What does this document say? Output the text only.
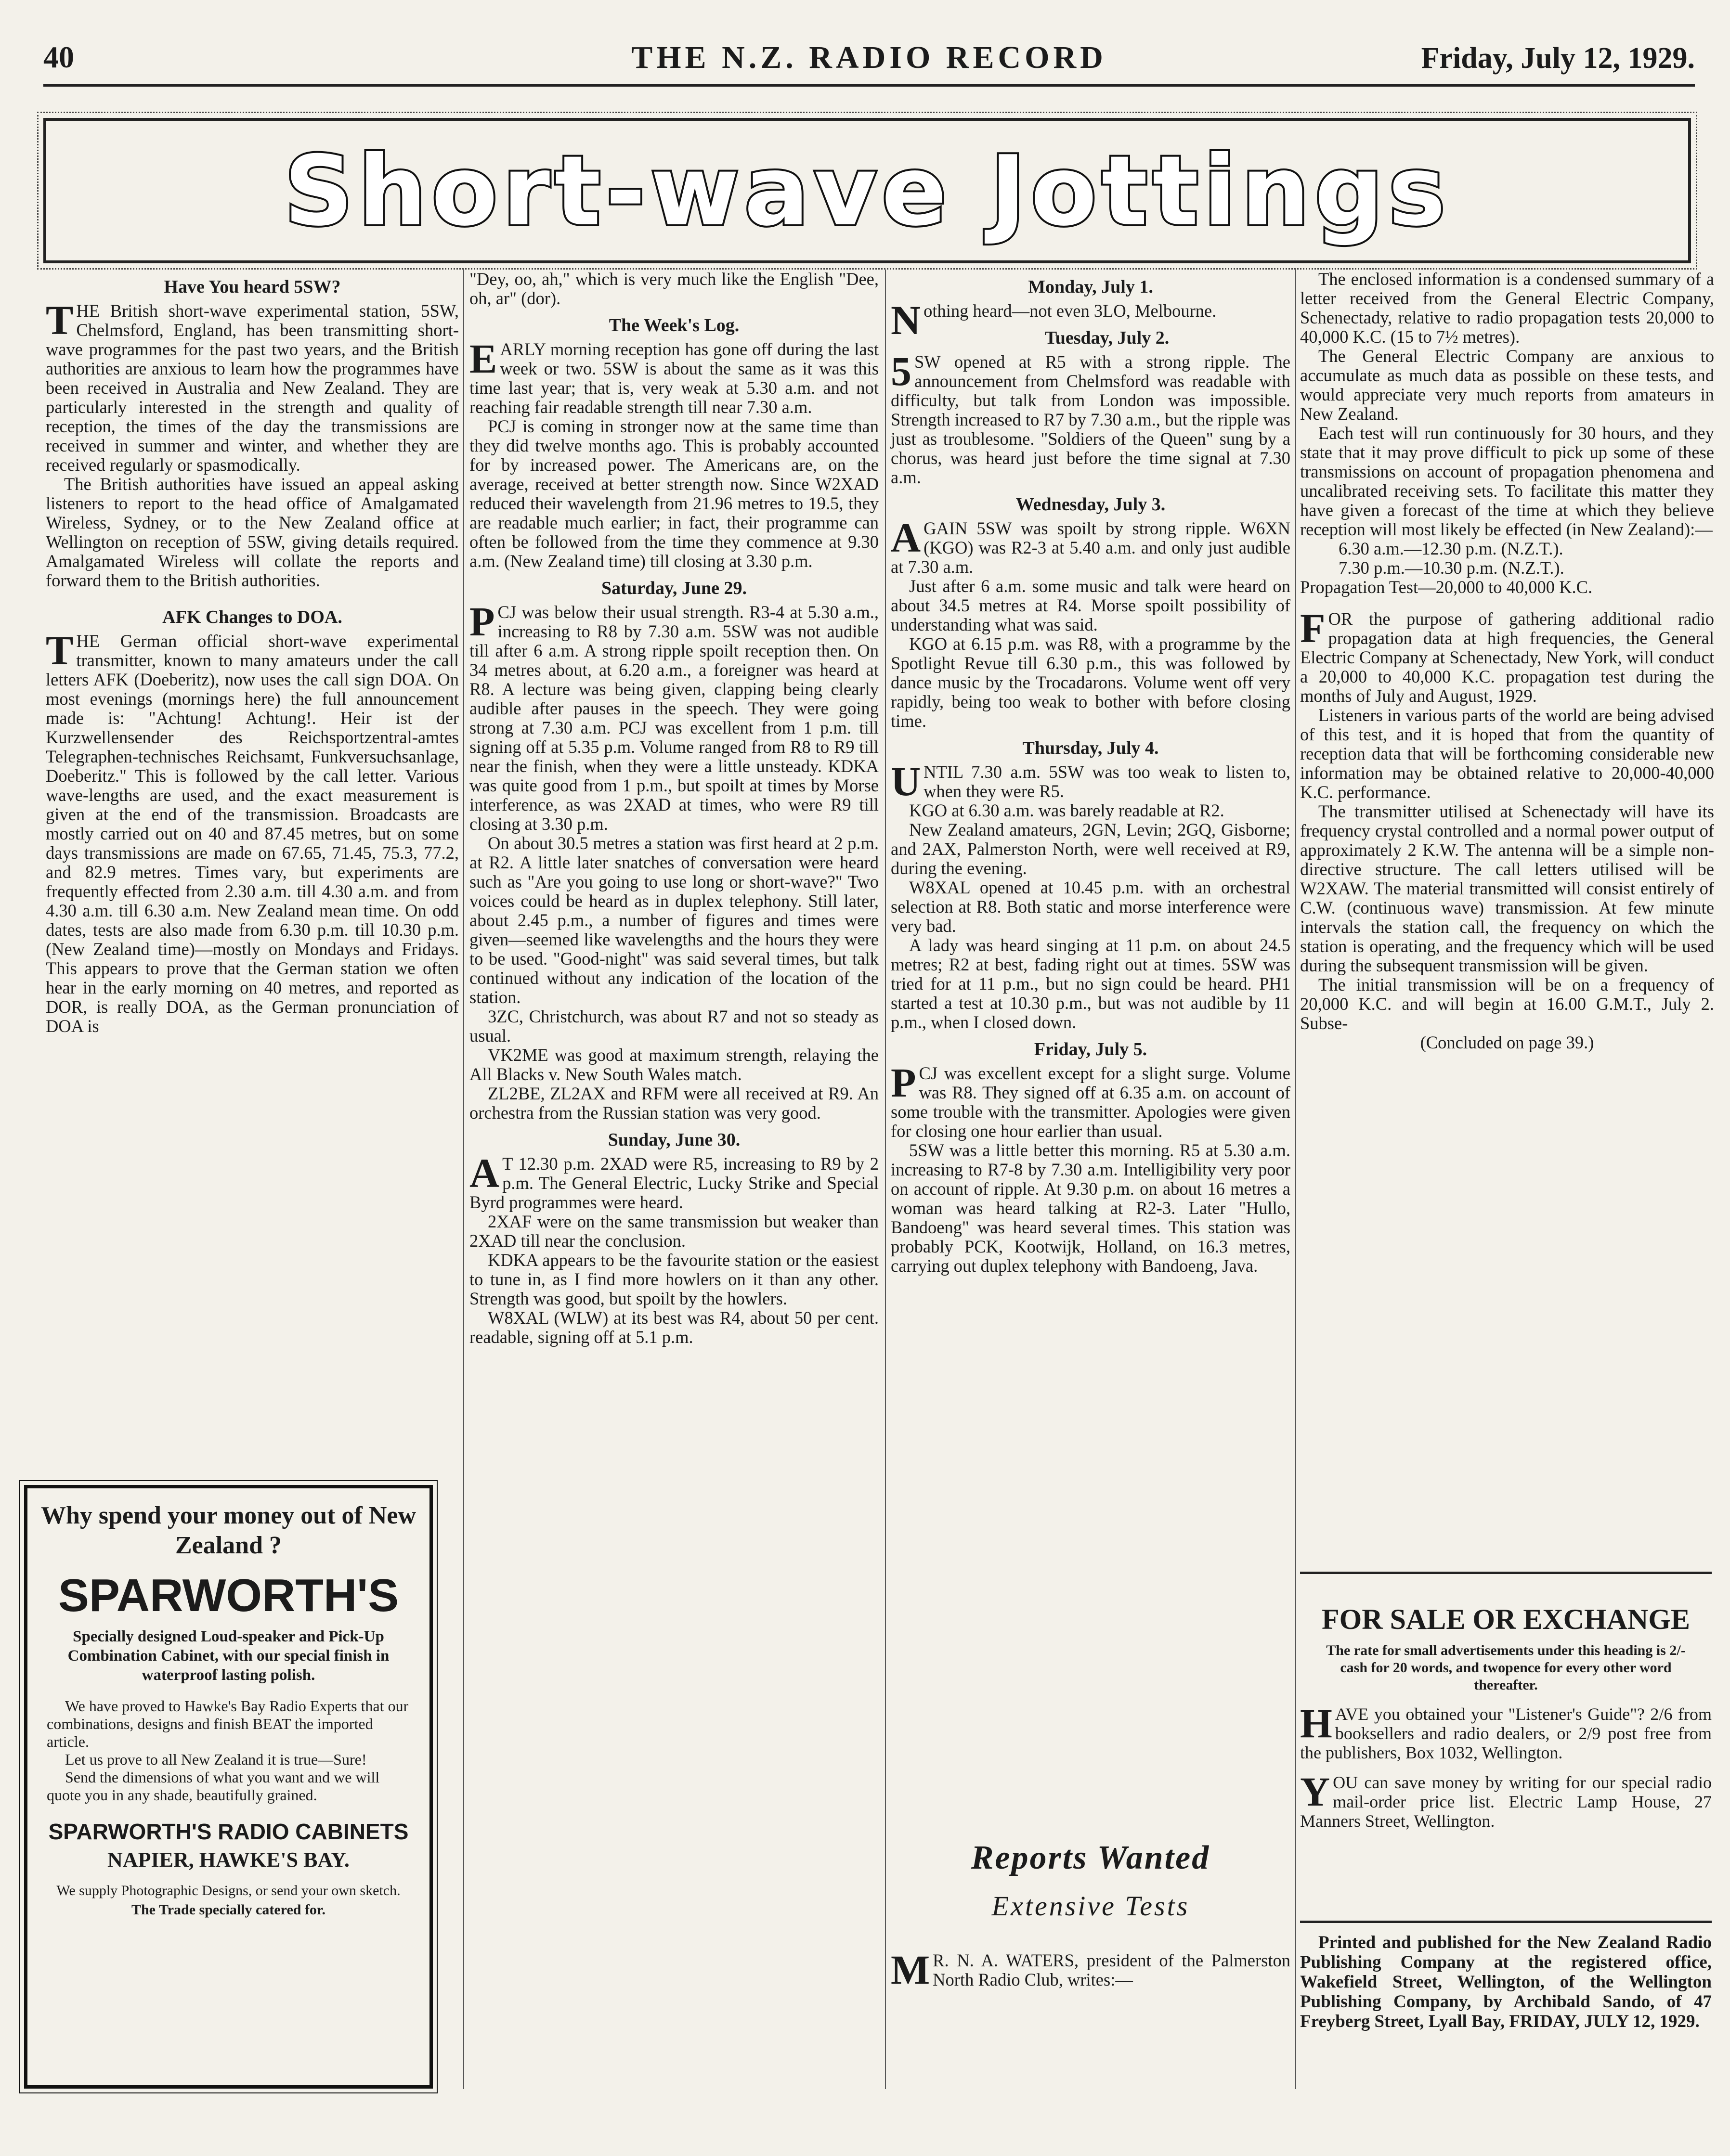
40	THE N.Z. RADIO RECORD	Friday, July 12, 1929.
Short-wave Jottings
Have You heard 5SW?

THE British short-wave experimental station, 5SW, Chelmsford, England, has been transmitting short-wave programmes for the past two years, and the British authorities are anxious to learn how the programmes have been received in Australia and New Zealand. They are particularly interested in the strength and quality of reception, the times of the day the transmissions are received in summer and winter, and whether they are received regularly or spasmodically.

The British authorities have issued an appeal asking listeners to report to the head office of Amalgamated Wireless, Sydney, or to the New Zealand office at Wellington on reception of 5SW, giving details required. Amalgamated Wireless will collate the reports and forward them to the British authorities.

AFK Changes to DOA.

THE German official short-wave experimental transmitter, known to many amateurs under the call letters AFK (Doeberitz), now uses the call sign DOA. On most evenings (mornings here) the full announcement made is: "Achtung! Achtung!. Heir ist der Kurzwellensender des Reichsportzentral-amtes Telegraphen-technisches Reichsamt, Funkversuchsanlage, Doeberitz." This is followed by the call letter. Various wave-lengths are used, and the exact measurement is given at the end of the transmission. Broadcasts are mostly carried out on 40 and 87.45 metres, but on some days transmissions are made on 67.65, 71.45, 75.3, 77.2, and 82.9 metres. Times vary, but experiments are frequently effected from 2.30 a.m. till 4.30 a.m. and from 4.30 a.m. till 6.30 a.m. New Zealand mean time. On odd dates, tests are also made from 6.30 p.m. till 10.30 p.m. (New Zealand time)—mostly on Mondays and Fridays. This appears to prove that the German station we often hear in the early morning on 40 metres, and reported as DOR, is really DOA, as the German pronunciation of DOA is

Why spend your money out of New Zealand ?
SPARWORTH'S
Specially designed Loud-speaker and Pick-Up Combination Cabinet, with our special finish in waterproof lasting polish.

We have proved to Hawke's Bay Radio Experts that our combinations, designs and finish BEAT the imported article.

Let us prove to all New Zealand it is true—Sure!

Send the dimensions of what you want and we will quote you in any shade, beautifully grained.

SPARWORTH'S RADIO CABINETS
NAPIER, HAWKE'S BAY.
We supply Photographic Designs, or send your own sketch.
The Trade specially catered for.

"Dey, oo, ah," which is very much like the English "Dee, oh, ar" (dor).

The Week's Log.

EARLY morning reception has gone off during the last week or two. 5SW is about the same as it was this time last year; that is, very weak at 5.30 a.m. and not reaching fair readable strength till near 7.30 a.m.

PCJ is coming in stronger now at the same time than they did twelve months ago. This is probably accounted for by increased power. The Americans are, on the average, received at better strength now. Since W2XAD reduced their wavelength from 21.96 metres to 19.5, they are readable much earlier; in fact, their programme can often be followed from the time they commence at 9.30 a.m. (New Zealand time) till closing at 3.30 p.m.

Saturday, June 29.

PCJ was below their usual strength. R3-4 at 5.30 a.m., increasing to R8 by 7.30 a.m. 5SW was not audible till after 6 a.m. A strong ripple spoilt reception then. On 34 metres about, at 6.20 a.m., a foreigner was heard at R8. A lecture was being given, clapping being clearly audible after pauses in the speech. They were going strong at 7.30 a.m. PCJ was excellent from 1 p.m. till signing off at 5.35 p.m. Volume ranged from R8 to R9 till near the finish, when they were a little unsteady. KDKA was quite good from 1 p.m., but spoilt at times by Morse interference, as was 2XAD at times, who were R9 till closing at 3.30 p.m.

On about 30.5 metres a station was first heard at 2 p.m. at R2. A little later snatches of conversation were heard such as "Are you going to use long or short-wave?" Two voices could be heard as in duplex telephony. Still later, about 2.45 p.m., a number of figures and times were given—seemed like wavelengths and the hours they were to be used. "Good-night" was said several times, but talk continued without any indication of the location of the station.

3ZC, Christchurch, was about R7 and not so steady as usual.

VK2ME was good at maximum strength, relaying the All Blacks v. New South Wales match.

ZL2BE, ZL2AX and RFM were all received at R9. An orchestra from the Russian station was very good.

Sunday, June 30.

A T 12.30 p.m. 2XAD were R5, increasing to R9 by 2 p.m. The General Electric, Lucky Strike and Special Byrd programmes were heard.

2XAF were on the same transmission but weaker than 2XAD till near the conclusion.

KDKA appears to be the favourite station or the easiest to tune in, as I find more howlers on it than any other. Strength was good, but spoilt by the howlers.

W8XAL (WLW) at its best was R4, about 50 per cent. readable, signing off at 5.1 p.m.

Monday, July 1.

Nothing heard—not even 3LO, Melbourne.

Tuesday, July 2.

5 SW opened at R5 with a strong ripple. The announcement from Chelmsford was readable with difficulty, but talk from London was impossible. Strength increased to R7 by 7.30 a.m., but the ripple was just as troublesome. "Soldiers of the Queen" sung by a chorus, was heard just before the time signal at 7.30 a.m.

Wednesday, July 3.

AGAIN 5SW was spoilt by strong ripple. W6XN (KGO) was R2-3 at 5.40 a.m. and only just audible at 7.30 a.m.

Just after 6 a.m. some music and talk were heard on about 34.5 metres at R4. Morse spoilt possibility of understanding what was said.

KGO at 6.15 p.m. was R8, with a programme by the Spotlight Revue till 6.30 p.m., this was followed by dance music by the Trocadarons. Volume went off very rapidly, being too weak to bother with before closing time.

Thursday, July 4.

UNTIL 7.30 a.m. 5SW was too weak to listen to, when they were R5.

KGO at 6.30 a.m. was barely readable at R2.

New Zealand amateurs, 2GN, Levin; 2GQ, Gisborne; and 2AX, Palmerston North, were well received at R9, during the evening.

W8XAL opened at 10.45 p.m. with an orchestral selection at R8. Both static and morse interference were very bad.

A lady was heard singing at 11 p.m. on about 24.5 metres; R2 at best, fading right out at times. 5SW was tried for at 11 p.m., but no sign could be heard. PH1 started a test at 10.30 p.m., but was not audible by 11 p.m., when I closed down.

Friday, July 5.

PCJ was excellent except for a slight surge. Volume was R8. They signed off at 6.35 a.m. on account of some trouble with the transmitter. Apologies were given for closing one hour earlier than usual.

5SW was a little better this morning. R5 at 5.30 a.m. increasing to R7-8 by 7.30 a.m. Intelligibility very poor on account of ripple. At 9.30 p.m. on about 16 metres a woman was heard talking at R2-3. Later "Hullo, Bandoeng" was heard several times. This station was probably PCK, Kootwijk, Holland, on 16.3 metres, carrying out duplex telephony with Bandoeng, Java.

Reports Wanted
Extensive Tests

M R. N. A. WATERS, president of the Palmerston North Radio Club, writes:—

The enclosed information is a condensed summary of a letter received from the General Electric Company, Schenectady, relative to radio propagation tests 20,000 to 40,000 K.C. (15 to 7½ metres).

The General Electric Company are anxious to accumulate as much data as possible on these tests, and would appreciate very much reports from amateurs in New Zealand.

Each test will run continuously for 30 hours, and they state that it may prove difficult to pick up some of these transmissions on account of propagation phenomena and uncalibrated receiving sets. To facilitate this matter they have given a forecast of the time at which they believe reception will most likely be effected (in New Zealand):—

6.30 a.m.—12.30 p.m. (N.Z.T.).

7.30 p.m.—10.30 p.m. (N.Z.T.).

Propagation Test—20,000 to 40,000 K.C.

FOR the purpose of gathering additional radio propagation data at high frequencies, the General Electric Company at Schenectady, New York, will conduct a 20,000 to 40,000 K.C. propagation test during the months of July and August, 1929.

Listeners in various parts of the world are being advised of this test, and it is hoped that from the quantity of reception data that will be forthcoming considerable new information may be obtained relative to 20,000-40,000 K.C. performance.

The transmitter utilised at Schenectady will have its frequency crystal controlled and a normal power output of approximately 2 K.W. The antenna will be a simple non-directive structure. The call letters utilised will be W2XAW. The material transmitted will consist entirely of C.W. (continuous wave) transmission. At few minute intervals the station call, the frequency on which the station is operating, and the frequency which will be used during the subsequent transmission will be given.

The initial transmission will be on a frequency of 20,000 K.C. and will begin at 16.00 G.M.T., July 2. Subse-

(Concluded on page 39.)

FOR SALE OR EXCHANGE
The rate for small advertisements under this heading is 2/- cash for 20 words, and twopence for every other word thereafter.

HAVE you obtained your "Listener's Guide"? 2/6 from booksellers and radio dealers, or 2/9 post free from the publishers, Box 1032, Wellington.

YOU can save money by writing for our special radio mail-order price list. Electric Lamp House, 27 Manners Street, Wellington.

Printed and published for the New Zealand Radio Publishing Company at the registered office, Wakefield Street, Wellington, of the Wellington Publishing Company, by Archibald Sando, of 47 Freyberg Street, Lyall Bay, FRIDAY, JULY 12, 1929.
